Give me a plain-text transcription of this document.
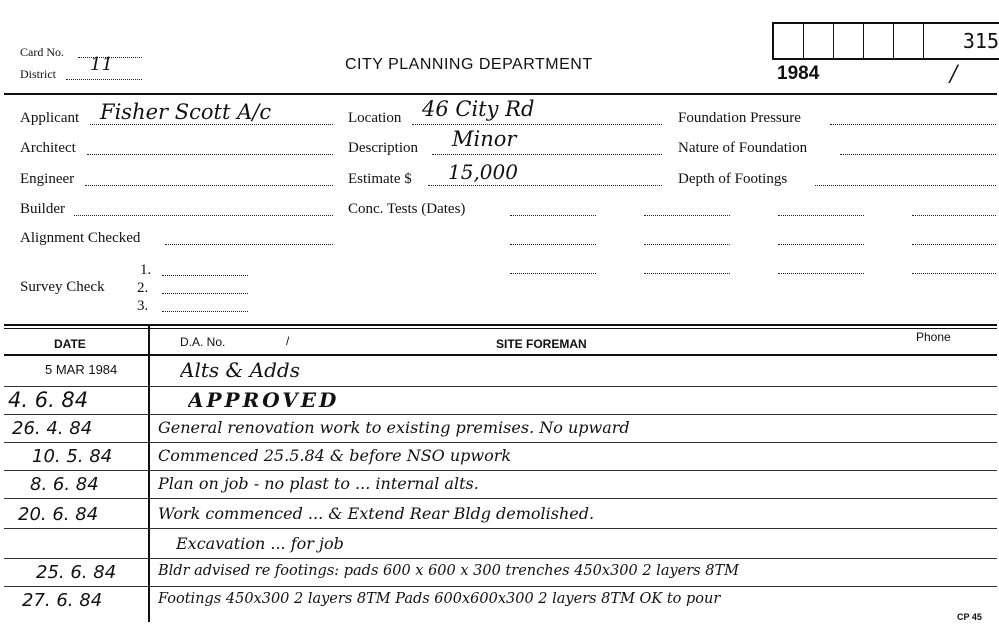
Card No.
District 11	CITY PLANNING DEPARTMENT
315
1984	/
Applicant Fisher Scott A/c
Architect
Engineer
Builder
Alignment Checked
1.
Survey Check 2.
3.
Location 46 City Rd
Description Minor
Estimate $ 15,000
Conc. Tests (Dates)
Foundation Pressure
Nature of Foundation
Depth of Footings
DATE	D.A. No.	/	SITE FOREMAN	Phone
5 MAR 1984	Alts & Adds
4. 6. 84	APPROVED
26. 4. 84	General renovation work to existing premises. No upward
10. 5. 84	Commenced 25.5.84 & before NSO upwork
8. 6. 84	Plan on job - no plast to ... internal alts.
20. 6. 84	Work commenced ... & Extend Rear Bldg demolished.
Excavation ... for job
25. 6. 84	Bldr advised re footings: pads 600 x 600 x 300 trenches 450x300 2 layers 8TM
27. 6. 84	Footings 450x300 2 layers 8TM Pads 600x600x300 2 layers 8TM OK to pour
CP 45
